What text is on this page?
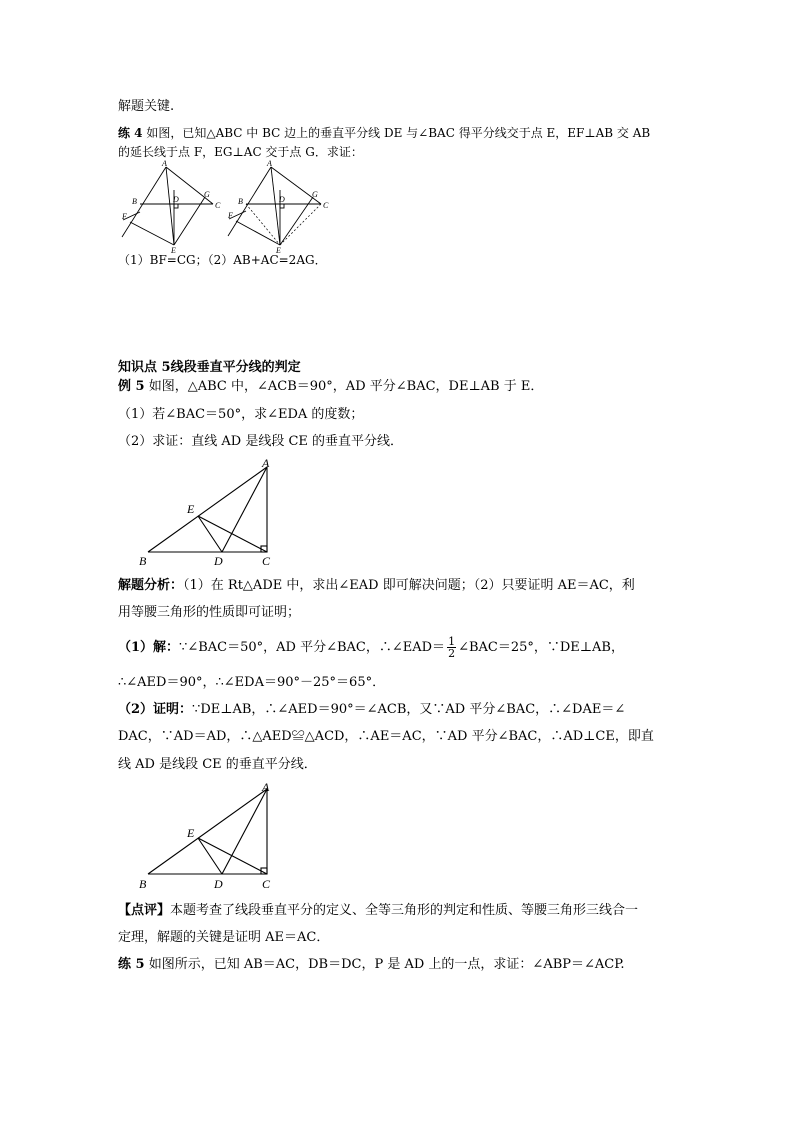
解题关键.
练 4 如图，已知△ABC 中 BC 边上的垂直平分线 DE 与∠BAC 得平分线交于点 E，EF⊥AB 交 AB
的延长线于点 F，EG⊥AC 交于点 G．求证：
A
B	C
D
E
F
G
A
B	C
D
E
F
G
（1）BF=CG；（2）AB+AC=2AG．
知识点 5线段垂直平分线的判定
例 5 如图，△ABC 中，∠ACB＝90°，AD 平分∠BAC，DE⊥AB 于 E．
（1）若∠BAC＝50°，求∠EDA 的度数；
（2）求证：直线 AD 是线段 CE 的垂直平分线．
A
B	C
D
E
解题分析：（1）在 Rt△ADE 中，求出∠EAD 即可解决问题；（2）只要证明 AE＝AC，利
用等腰三角形的性质即可证明；
（1）解：∵∠BAC＝50°，AD 平分∠BAC，∴∠EAD＝ $\frac{1}{2}$ ∠BAC＝25°，∵DE⊥AB，
∴∠AED＝90°，∴∠EDA＝90°－25°＝65°．
（2）证明：∵DE⊥AB，∴∠AED＝90°＝∠ACB，又∵AD 平分∠BAC，∴∠DAE＝∠
DAC，∵AD＝AD，∴△AED≌△ACD，∴AE＝AC，∵AD 平分∠BAC，∴AD⊥CE，即直
线 AD 是线段 CE 的垂直平分线．
A
B	C
D
E
【点评】本题考查了线段垂直平分的定义、全等三角形的判定和性质、等腰三角形三线合一
定理，解题的关键是证明 AE＝AC．
练 5 如图所示，已知 AB＝AC，DB＝DC，P 是 AD 上的一点，求证：∠ABP＝∠ACP.
